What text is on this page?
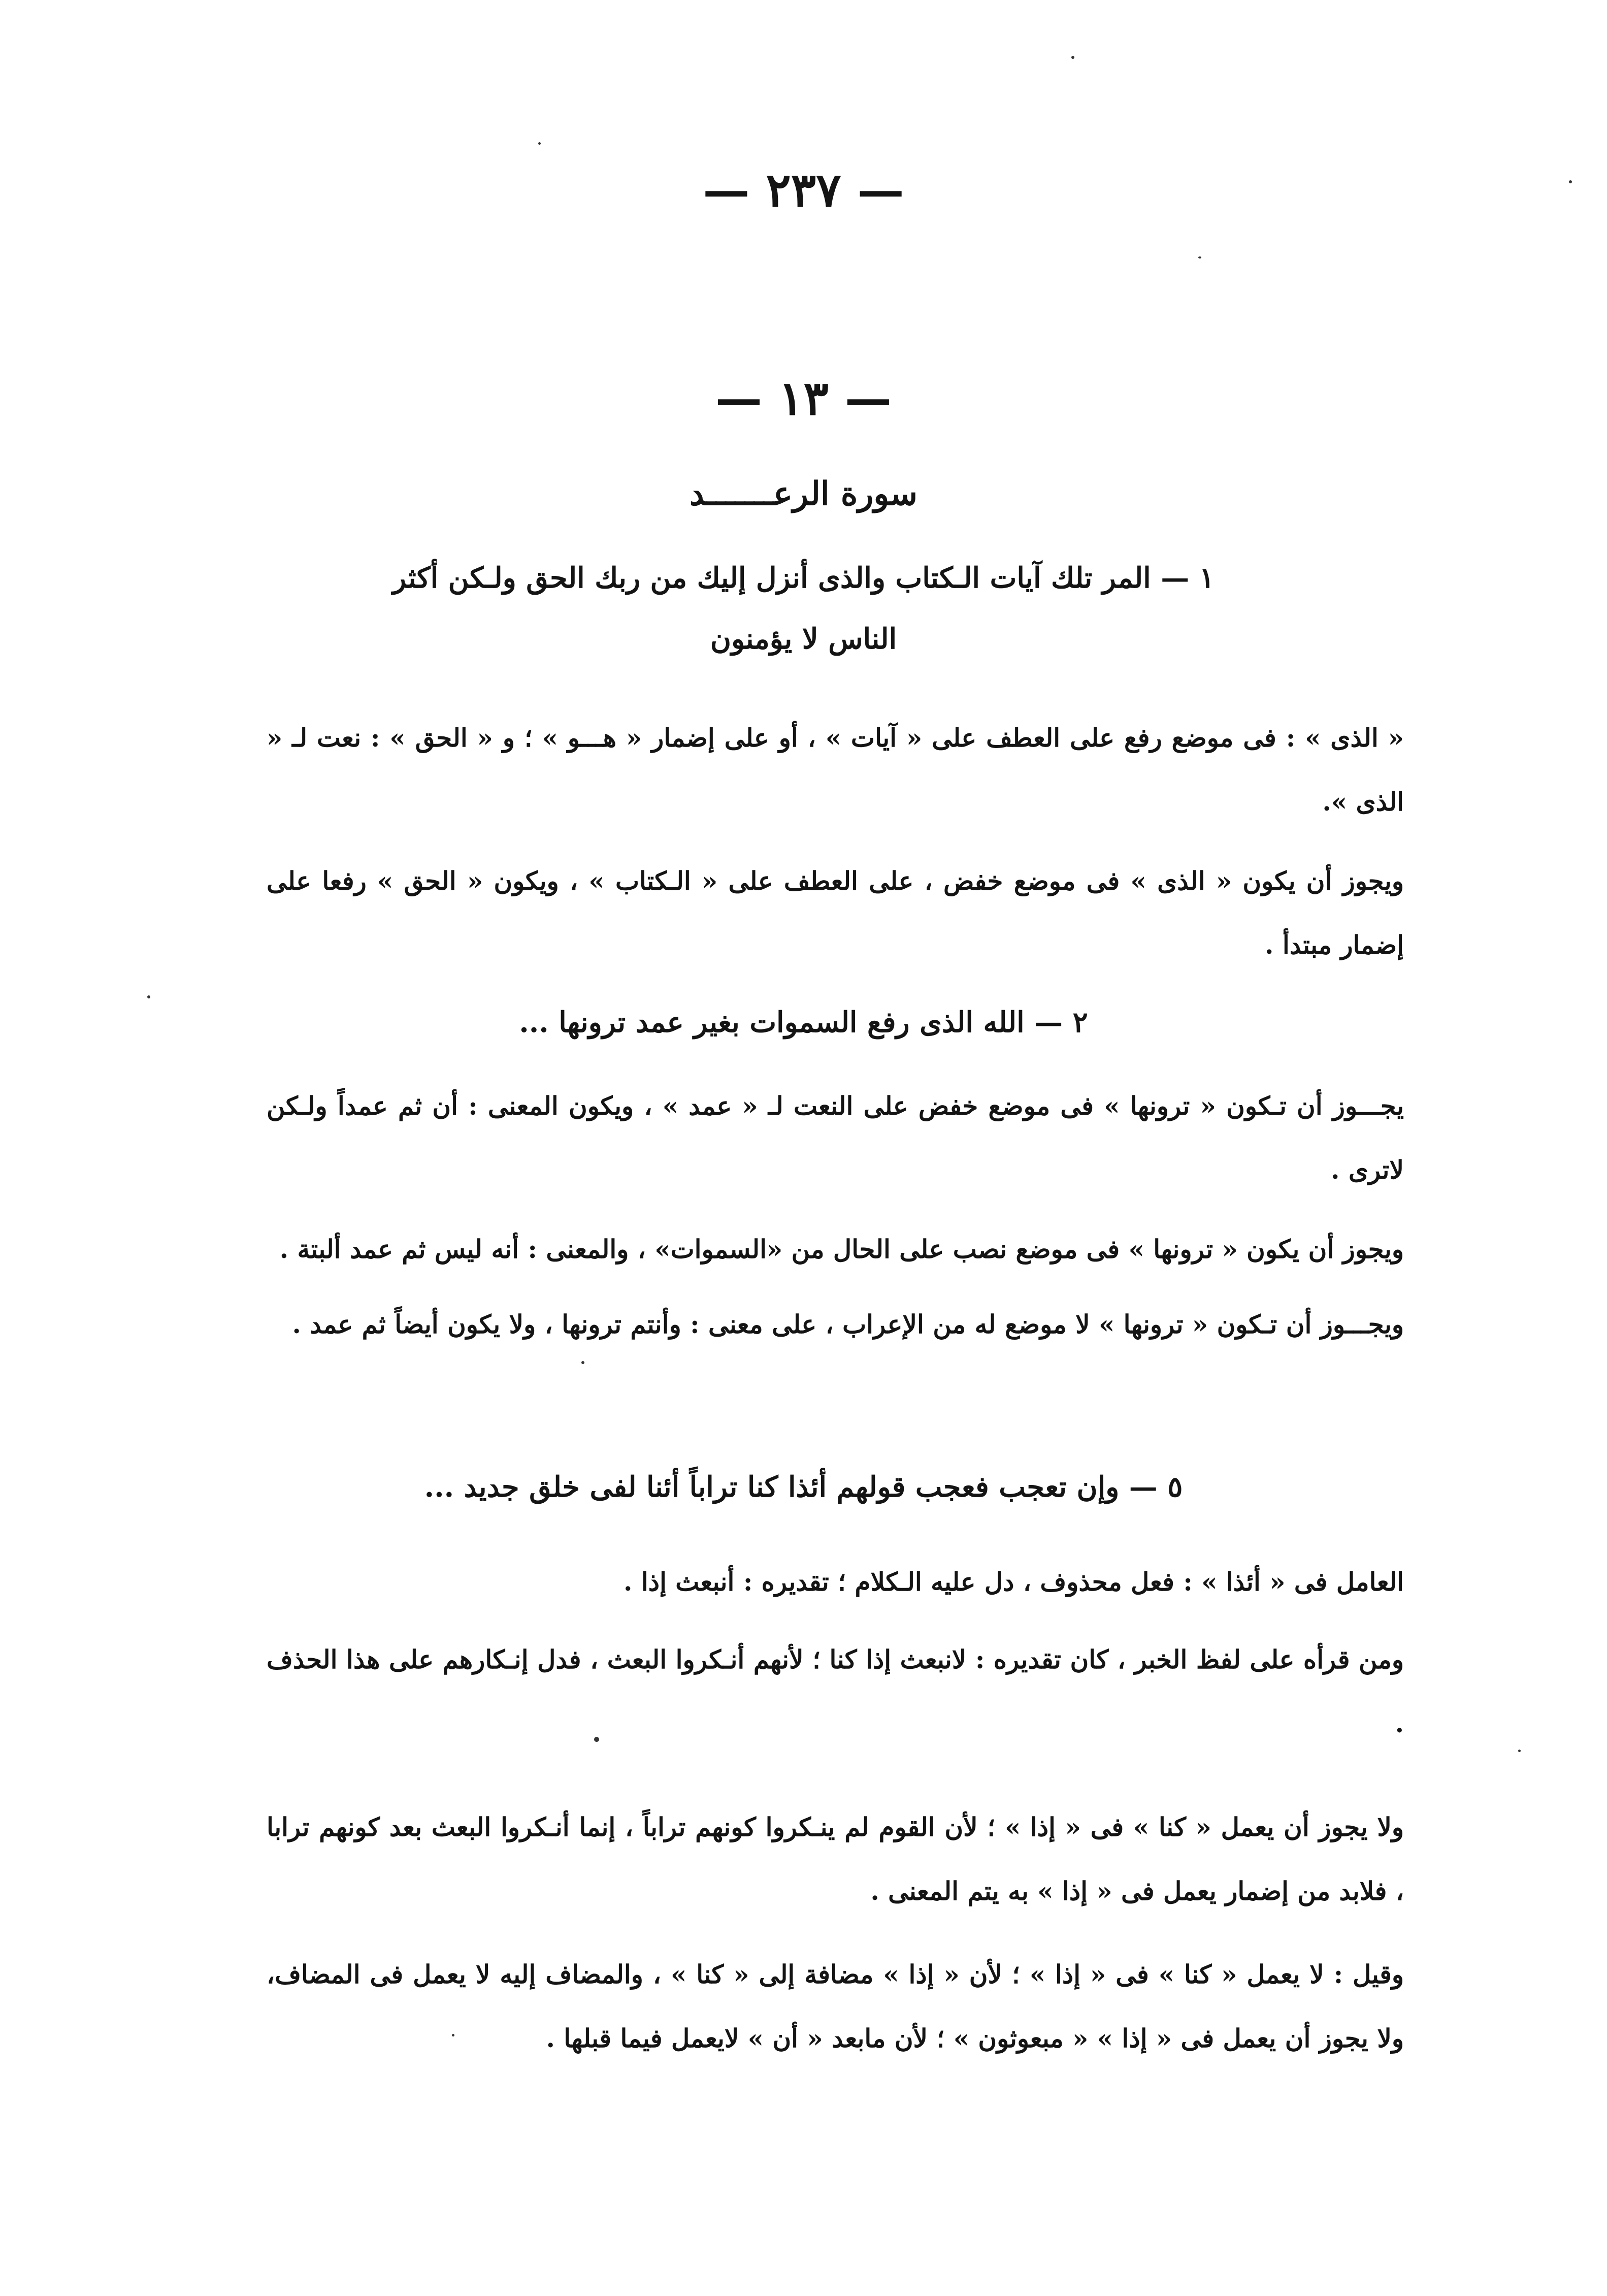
— ٢٣٧ —
— ١٣ —
سورة الرعـــــــد
١ — المر تلك آيات الـكتاب والذى أنزل إليك من ربك الحق ولـكن أكثر
الناس لا يؤمنون
« الذى » : فى موضع رفع على العطف على « آيات » ، أو على إضمار « هـــو » ؛ و « الحق » : نعت لـ « الذى ».
ويجوز أن يكون « الذى » فى موضع خفض ، على العطف على « الـكتاب » ، ويكون « الحق » رفعا على إضمار مبتدأ .
٢ — الله الذى رفع السموات بغير عمد ترونها ...
يجـــوز أن تـكون « ترونها » فى موضع خفض على النعت لـ « عمد » ، ويكون المعنى : أن ثم عمداً ولـكن لاترى .
ويجوز أن يكون « ترونها » فى موضع نصب على الحال من «السموات» ، والمعنى : أنه ليس ثم عمد ألبتة .
ويجـــوز أن تـكون « ترونها » لا موضع له من الإعراب ، على معنى : وأنتم ترونها ، ولا يكون أيضاً ثم عمد .
٥ — وإن تعجب فعجب قولهم أئذا كنا تراباً أئنا لفى خلق جديد ...
العامل فى « أئذا » : فعل محذوف ، دل عليه الـكلام ؛ تقديره : أنبعث إذا .
ومن قرأه على لفظ الخبر ، كان تقديره : لانبعث إذا كنا ؛ لأنهم أنـكروا البعث ، فدل إنـكارهم على هذا الحذف .
ولا يجوز أن يعمل « كنا » فى « إذا » ؛ لأن القوم لم ينـكروا كونهم تراباً ، إنما أنـكروا البعث بعد كونهم ترابا ، فلابد من إضمار يعمل فى « إذا » به يتم المعنى .
وقيل : لا يعمل « كنا » فى « إذا » ؛ لأن « إذا » مضافة إلى « كنا » ، والمضاف إليه لا يعمل فى المضاف، ولا يجوز أن يعمل فى « إذا » « مبعوثون » ؛ لأن مابعد « أن » لايعمل فيما قبلها .
